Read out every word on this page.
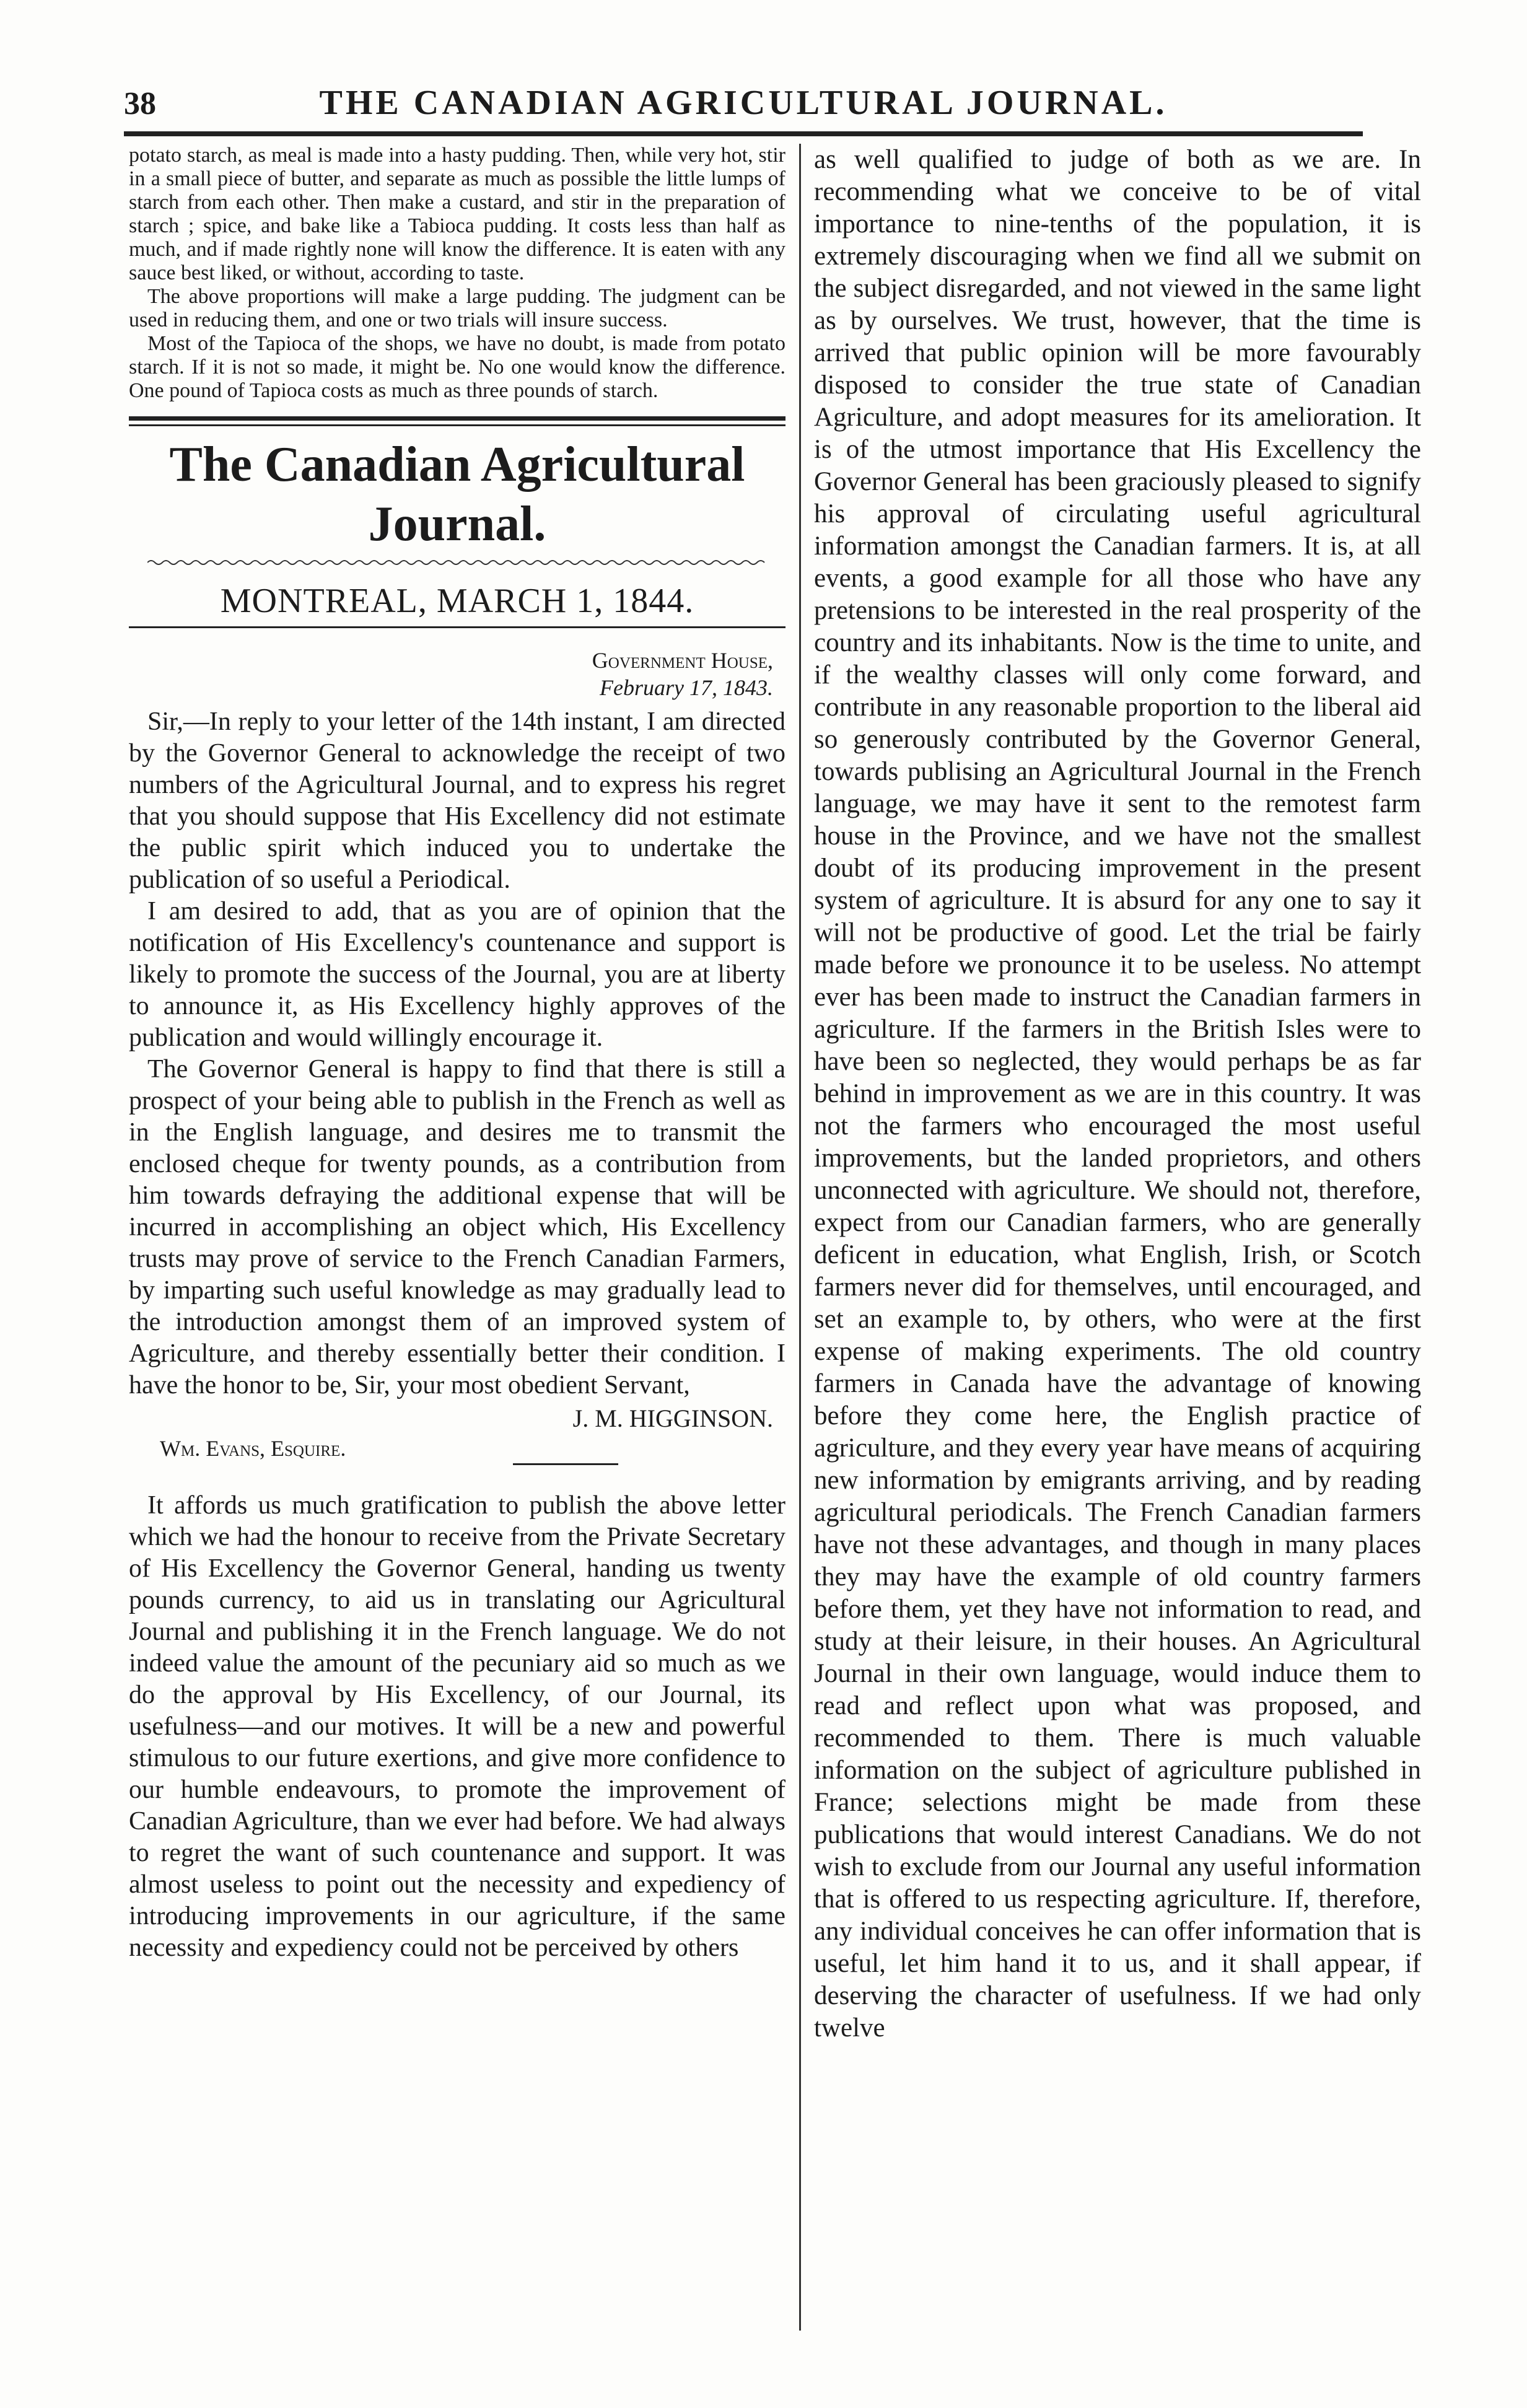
38	THE CANADIAN AGRICULTURAL JOURNAL.

potato starch, as meal is made into a hasty pudding. Then, while very hot, stir in a small piece of butter, and separate as much as possible the little lumps of starch from each other. Then make a custard, and stir in the preparation of starch ; spice, and bake like a Tabioca pudding. It costs less than half as much, and if made rightly none will know the difference. It is eaten with any sauce best liked, or without, according to taste.

The above proportions will make a large pudding. The judgment can be used in reducing them, and one or two trials will insure success.

Most of the Tapioca of the shops, we have no doubt, is made from potato starch. If it is not so made, it might be. No one would know the difference. One pound of Tapioca costs as much as three pounds of starch.

The Canadian Agricultural Journal.
MONTREAL, MARCH 1, 1844.
Government House,
February 17, 1843.

Sir,—In reply to your letter of the 14th instant, I am directed by the Governor General to acknowledge the receipt of two numbers of the Agricultural Journal, and to express his regret that you should suppose that His Excellency did not estimate the public spirit which induced you to undertake the publication of so useful a Periodical.

I am desired to add, that as you are of opinion that the notification of His Excellency's countenance and support is likely to promote the success of the Journal, you are at liberty to announce it, as His Excellency highly approves of the publication and would willingly encourage it.

The Governor General is happy to find that there is still a prospect of your being able to publish in the French as well as in the English language, and desires me to transmit the enclosed cheque for twenty pounds, as a contribution from him towards defraying the additional expense that will be incurred in accomplishing an object which, His Excellency trusts may prove of service to the French Canadian Farmers, by imparting such useful knowledge as may gradually lead to the introduction amongst them of an improved system of Agriculture, and thereby essentially better their condition. I have the honor to be, Sir, your most obedient Servant,

J. M. HIGGINSON.
Wm. Evans, Esquire.

It affords us much gratification to publish the above letter which we had the honour to receive from the Private Secretary of His Excellency the Governor General, handing us twenty pounds currency, to aid us in translating our Agricultural Journal and publishing it in the French language. We do not indeed value the amount of the pecuniary aid so much as we do the approval by His Excellency, of our Journal, its usefulness—and our motives. It will be a new and powerful stimulous to our future exertions, and give more confidence to our humble endeavours, to promote the improvement of Canadian Agriculture, than we ever had before. We had always to regret the want of such countenance and support. It was almost useless to point out the necessity and expediency of introducing improvements in our agriculture, if the same necessity and expediency could not be perceived by others

as well qualified to judge of both as we are. In recommending what we conceive to be of vital importance to nine-tenths of the population, it is extremely discouraging when we find all we submit on the subject disregarded, and not viewed in the same light as by ourselves. We trust, however, that the time is arrived that public opinion will be more favourably disposed to consider the true state of Canadian Agriculture, and adopt measures for its amelioration. It is of the utmost importance that His Excellency the Governor General has been graciously pleased to signify his approval of circulating useful agricultural information amongst the Canadian farmers. It is, at all events, a good example for all those who have any pretensions to be interested in the real prosperity of the country and its inhabitants. Now is the time to unite, and if the wealthy classes will only come forward, and contribute in any reasonable proportion to the liberal aid so generously contributed by the Governor General, towards publising an Agricultural Journal in the French language, we may have it sent to the remotest farm house in the Province, and we have not the smallest doubt of its producing improvement in the present system of agriculture. It is absurd for any one to say it will not be productive of good. Let the trial be fairly made before we pronounce it to be useless. No attempt ever has been made to instruct the Canadian farmers in agriculture. If the farmers in the British Isles were to have been so neglected, they would perhaps be as far behind in improvement as we are in this country. It was not the farmers who encouraged the most useful improvements, but the landed proprietors, and others unconnected with agriculture. We should not, therefore, expect from our Canadian farmers, who are generally deficent in education, what English, Irish, or Scotch farmers never did for themselves, until encouraged, and set an example to, by others, who were at the first expense of making experiments. The old country farmers in Canada have the advantage of knowing before they come here, the English practice of agriculture, and they every year have means of acquiring new information by emigrants arriving, and by reading agricultural periodicals. The French Canadian farmers have not these advantages, and though in many places they may have the example of old country farmers before them, yet they have not information to read, and study at their leisure, in their houses. An Agricultural Journal in their own language, would induce them to read and reflect upon what was proposed, and recommended to them. There is much valuable information on the subject of agriculture published in France; selections might be made from these publications that would interest Canadians. We do not wish to exclude from our Journal any useful information that is offered to us respecting agriculture. If, therefore, any individual conceives he can offer information that is useful, let him hand it to us, and it shall appear, if deserving the character of usefulness. If we had only twelve
